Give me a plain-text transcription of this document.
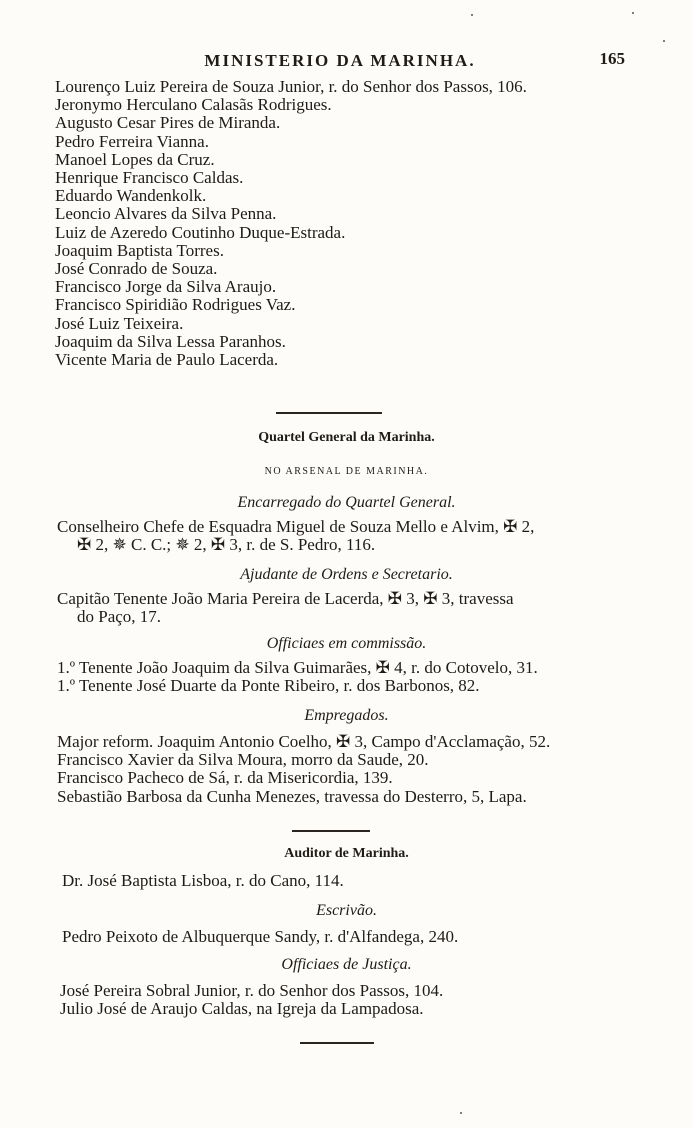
MINISTERIO DA MARINHA.	165
Lourenço Luiz Pereira de Souza Junior, r. do Senhor dos Passos, 106.
Jeronymo Herculano Calasãs Rodrigues.
Augusto Cesar Pires de Miranda.
Pedro Ferreira Vianna.
Manoel Lopes da Cruz.
Henrique Francisco Caldas.
Eduardo Wandenkolk.
Leoncio Alvares da Silva Penna.
Luiz de Azeredo Coutinho Duque-Estrada.
Joaquim Baptista Torres.
José Conrado de Souza.
Francisco Jorge da Silva Araujo.
Francisco Spiridião Rodrigues Vaz.
José Luiz Teixeira.
Joaquim da Silva Lessa Paranhos.
Vicente Maria de Paulo Lacerda.
Quartel General da Marinha.
NO ARSENAL DE MARINHA.
Encarregado do Quartel General.
Conselheiro Chefe de Esquadra Miguel de Souza Mello e Alvim, ✠ 2,
✠ 2, ✵ C. C.; ✵ 2, ✠ 3, r. de S. Pedro, 116.
Ajudante de Ordens e Secretario.
Capitão Tenente João Maria Pereira de Lacerda, ✠ 3, ✠ 3, travessa
do Paço, 17.
Officiaes em commissão.
1.º Tenente João Joaquim da Silva Guimarães, ✠ 4, r. do Cotovelo, 31.
1.º Tenente José Duarte da Ponte Ribeiro, r. dos Barbonos, 82.
Empregados.
Major reform. Joaquim Antonio Coelho, ✠ 3, Campo d'Acclamação, 52.
Francisco Xavier da Silva Moura, morro da Saude, 20.
Francisco Pacheco de Sá, r. da Misericordia, 139.
Sebastião Barbosa da Cunha Menezes, travessa do Desterro, 5, Lapa.
Auditor de Marinha.
Dr. José Baptista Lisboa, r. do Cano, 114.
Escrivão.
Pedro Peixoto de Albuquerque Sandy, r. d'Alfandega, 240.
Officiaes de Justiça.
José Pereira Sobral Junior, r. do Senhor dos Passos, 104.
Julio José de Araujo Caldas, na Igreja da Lampadosa.
